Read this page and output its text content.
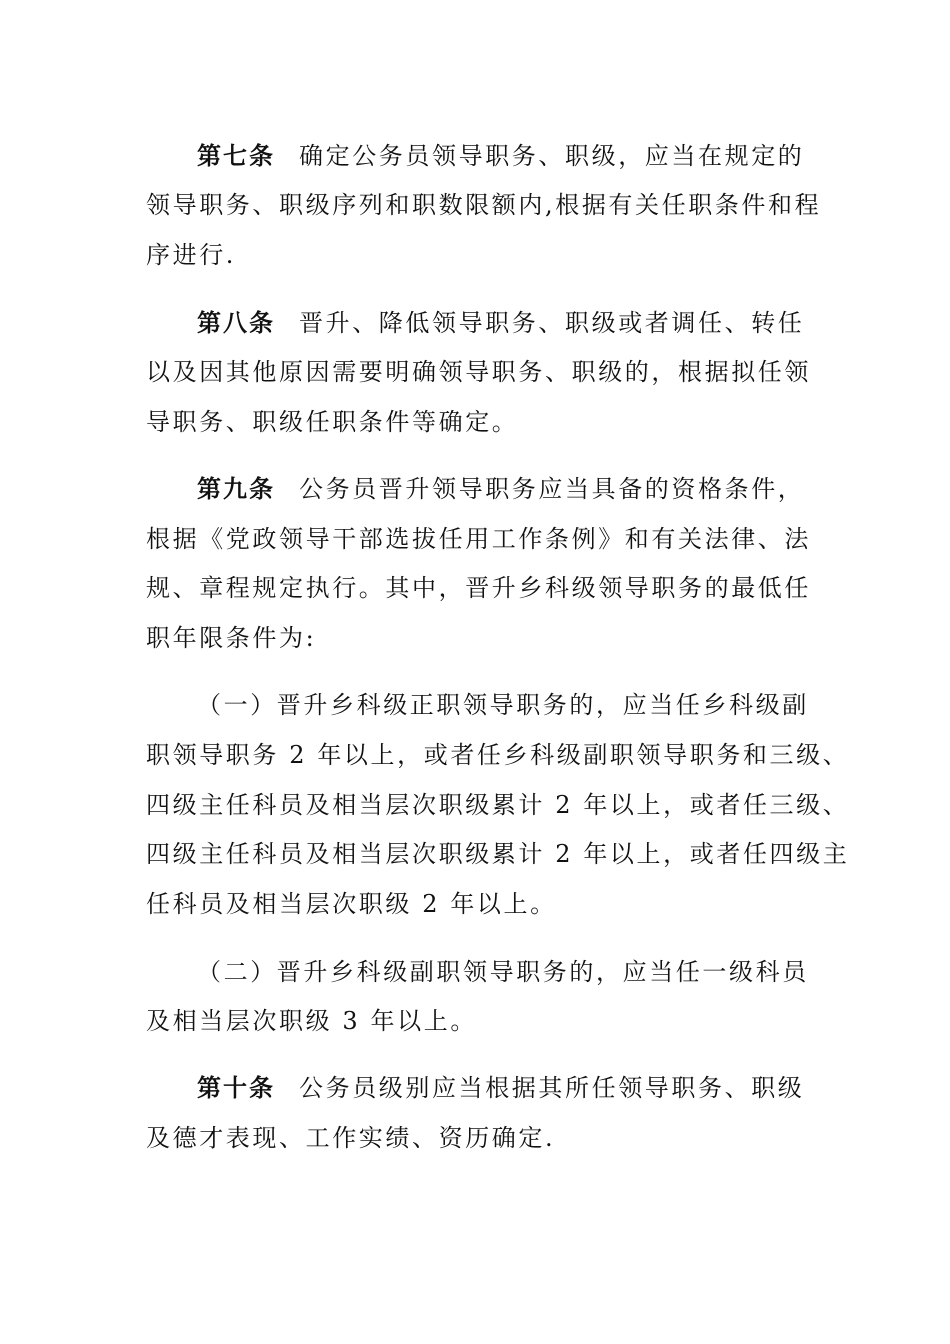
第七条 确定公务员领导职务、职级，应当在规定的
领导职务、职级序列和职数限额内,根据有关任职条件和程
序进行.
第八条 晋升、降低领导职务、职级或者调任、转任
以及因其他原因需要明确领导职务、职级的，根据拟任领
导职务、职级任职条件等确定。
第九条 公务员晋升领导职务应当具备的资格条件，
根据《党政领导干部选拔任用工作条例》和有关法律、法
规、章程规定执行。其中，晋升乡科级领导职务的最低任
职年限条件为:
（一）晋升乡科级正职领导职务的，应当任乡科级副
职领导职务 2 年以上，或者任乡科级副职领导职务和三级、
四级主任科员及相当层次职级累计 2 年以上，或者任三级、
四级主任科员及相当层次职级累计 2 年以上，或者任四级主
任科员及相当层次职级 2 年以上。
（二）晋升乡科级副职领导职务的，应当任一级科员
及相当层次职级 3 年以上。
第十条 公务员级别应当根据其所任领导职务、职级
及德才表现、工作实绩、资历确定.
